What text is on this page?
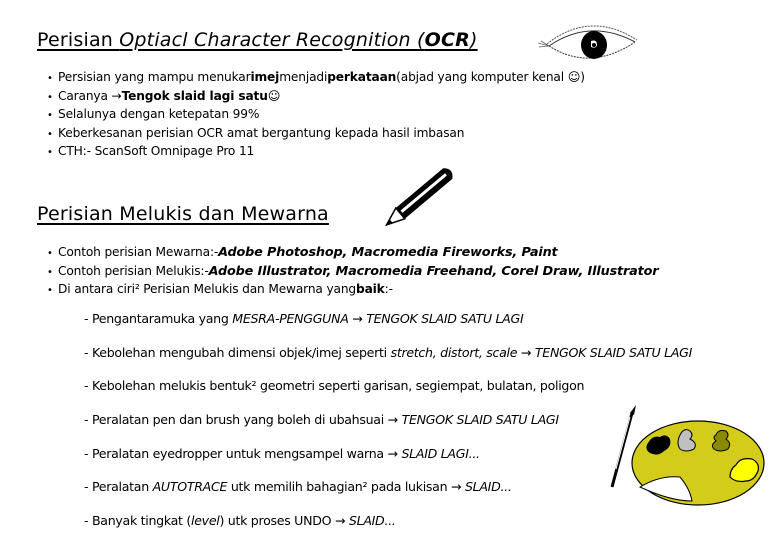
Perisian Optiacl Character Recognition (OCR)
• Persisian yang mampu menukar imej menjadi perkataan (abjad yang komputer kenal ☺)
• Caranya → Tengok slaid lagi satu ☺
• Selalunya dengan ketepatan 99%
• Keberkesanan perisian OCR amat bergantung kepada hasil imbasan
• CTH:- ScanSoft Omnipage Pro 11
Perisian Melukis dan Mewarna
• Contoh perisian Mewarna:- Adobe Photoshop, Macromedia Fireworks, Paint
• Contoh perisian Melukis:- Adobe Illustrator, Macromedia Freehand, Corel Draw, Illustrator
• Di antara ciri² Perisian Melukis dan Mewarna yang baik :-
- Pengantaramuka yang MESRA-PENGGUNA → TENGOK SLAID SATU LAGI
- Kebolehan mengubah dimensi objek/imej seperti stretch, distort, scale → TENGOK SLAID SATU LAGI
- Kebolehan melukis bentuk² geometri seperti garisan, segiempat, bulatan, poligon
- Peralatan pen dan brush yang boleh di ubahsuai → TENGOK SLAID SATU LAGI
- Peralatan eyedropper untuk mengsampel warna → SLAID LAGI...
- Peralatan AUTOTRACE utk memilih bahagian² pada lukisan → SLAID...
- Banyak tingkat (level) utk proses UNDO → SLAID...
